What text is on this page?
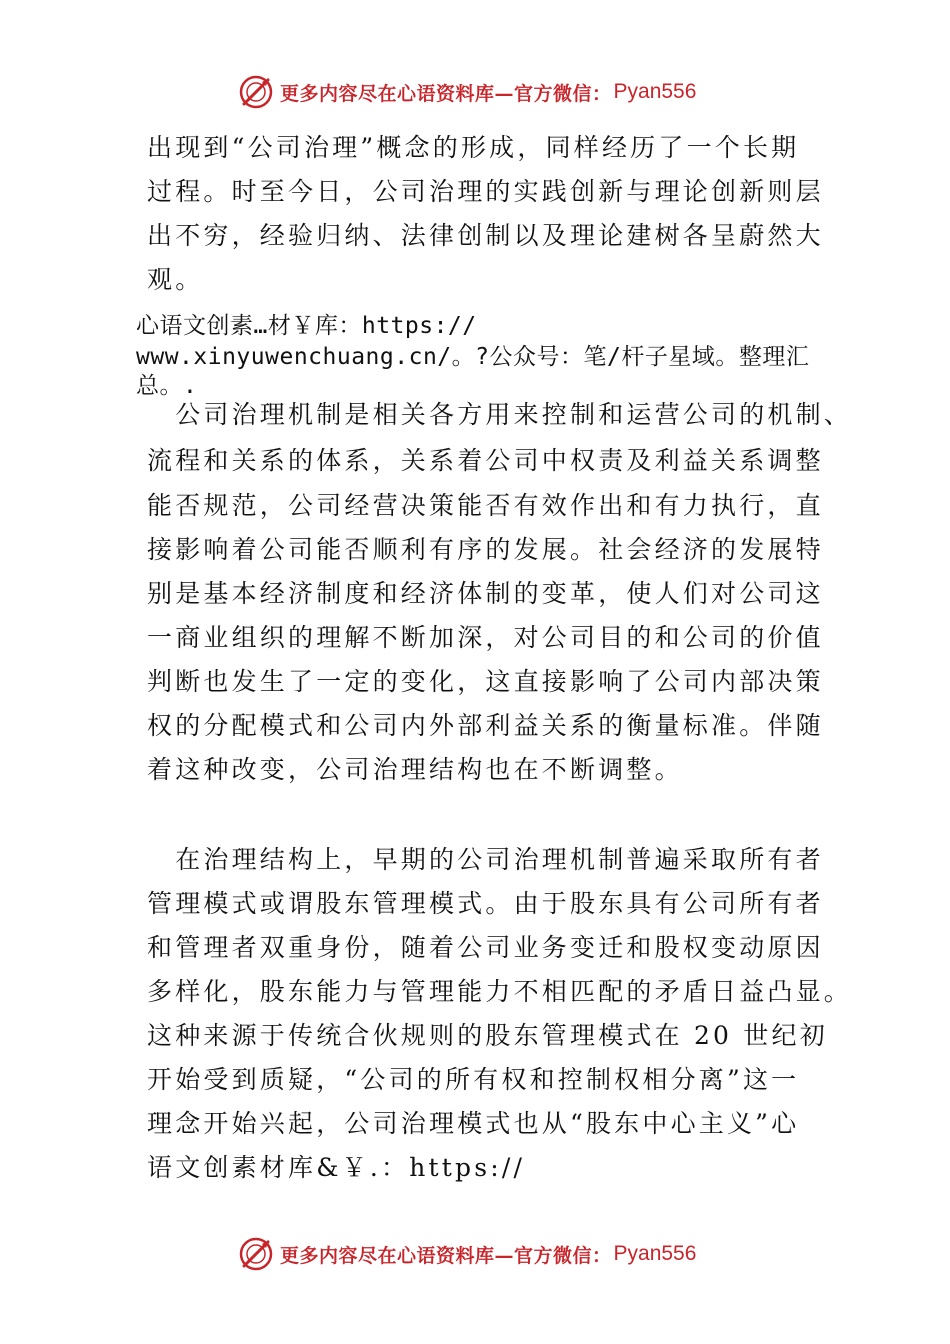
更多内容尽在心语资料库—官方微信： Pyan556
出现到“公司治理”概念的形成，同样经历了一个长期
过程。时至今日，公司治理的实践创新与理论创新则层
出不穷，经验归纳、法律创制以及理论建树各呈蔚然大
观。
心语文创素…材￥库：https://
www.xinyuwenchuang.cn/。?公众号：笔/杆子星域。整理汇
总。.
　公司治理机制是相关各方用来控制和运营公司的机制、
流程和关系的体系，关系着公司中权责及利益关系调整
能否规范，公司经营决策能否有效作出和有力执行，直
接影响着公司能否顺利有序的发展。社会经济的发展特
别是基本经济制度和经济体制的变革，使人们对公司这
一商业组织的理解不断加深，对公司目的和公司的价值
判断也发生了一定的变化，这直接影响了公司内部决策
权的分配模式和公司内外部利益关系的衡量标准。伴随
着这种改变，公司治理结构也在不断调整。
　在治理结构上，早期的公司治理机制普遍采取所有者
管理模式或谓股东管理模式。由于股东具有公司所有者
和管理者双重身份，随着公司业务变迁和股权变动原因
多样化，股东能力与管理能力不相匹配的矛盾日益凸显。
这种来源于传统合伙规则的股东管理模式在 20 世纪初
开始受到质疑，“公司的所有权和控制权相分离”这一
理念开始兴起，公司治理模式也从“股东中心主义”心
语文创素材库&￥.：https://
更多内容尽在心语资料库—官方微信： Pyan556
